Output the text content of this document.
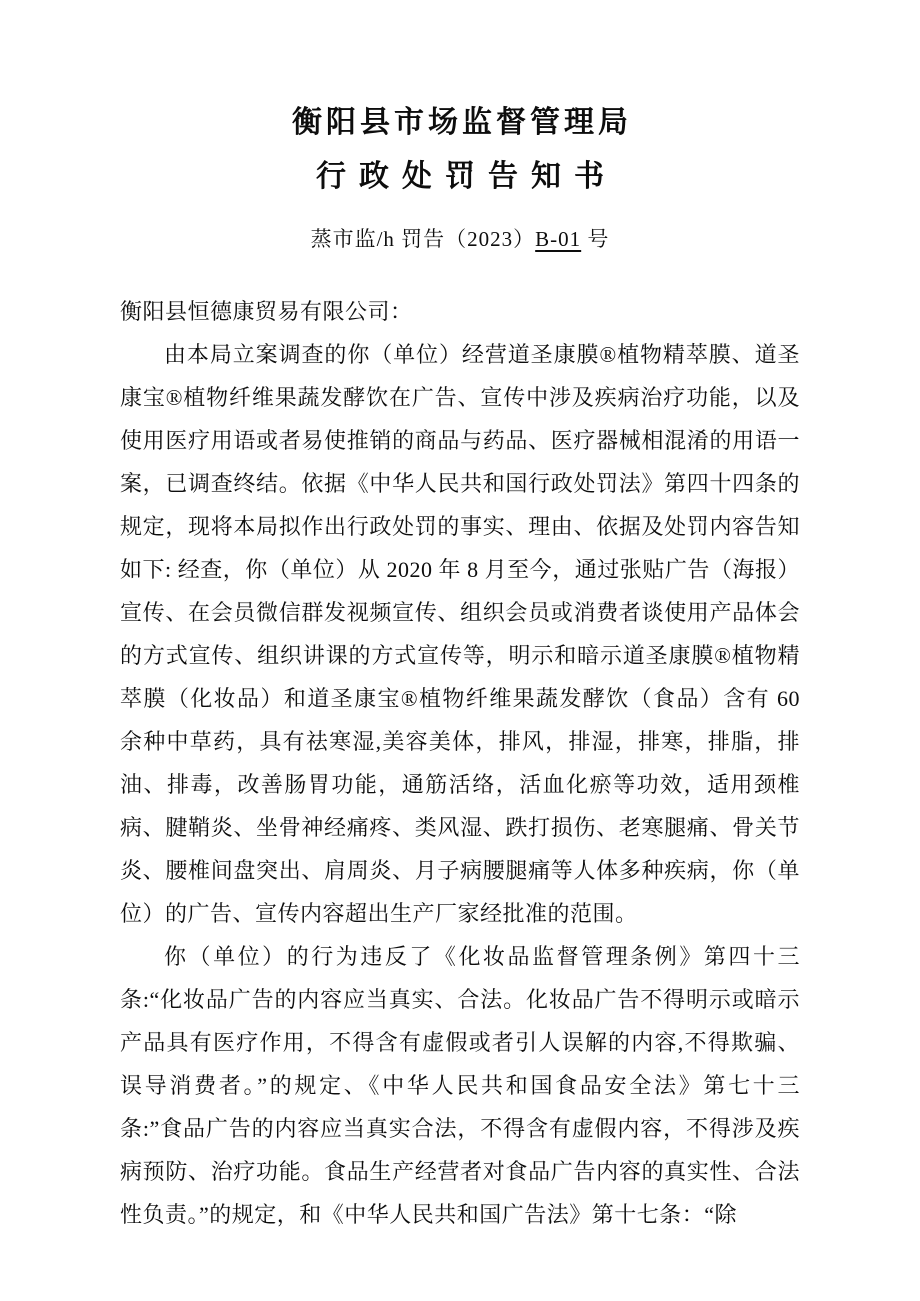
衡阳县市场监督管理局
行政处罚告知书
蒸市监/h 罚告（2023）B-01 号

衡阳县恒德康贸易有限公司：

由本局立案调查的你（单位）经营道圣康膜®植物精萃膜、道圣康宝®植物纤维果蔬发酵饮在广告、宣传中涉及疾病治疗功能，以及使用医疗用语或者易使推销的商品与药品、医疗器械相混淆的用语一案，已调查终结。依据《中华人民共和国行政处罚法》第四十四条的规定，现将本局拟作出行政处罚的事实、理由、依据及处罚内容告知如下: 经查，你（单位）从 2020 年 8 月至今，通过张贴广告（海报）宣传、在会员微信群发视频宣传、组织会员或消费者谈使用产品体会的方式宣传、组织讲课的方式宣传等，明示和暗示道圣康膜®植物精萃膜（化妆品）和道圣康宝®植物纤维果蔬发酵饮（食品）含有 60 余种中草药，具有祛寒湿,美容美体，排风，排湿，排寒，排脂，排油、排毒，改善肠胃功能，通筋活络，活血化瘀等功效，适用颈椎病、腱鞘炎、坐骨神经痛疼、类风湿、跌打损伤、老寒腿痛、骨关节炎、腰椎间盘突出、肩周炎、月子病腰腿痛等人体多种疾病，你（单位）的广告、宣传内容超出生产厂家经批准的范围。

你（单位）的行为违反了《化妆品监督管理条例》第四十三条:“化妆品广告的内容应当真实、合法。化妆品广告不得明示或暗示产品具有医疗作用，不得含有虚假或者引人误解的内容,不得欺骗、误导消费者。”的规定、《中华人民共和国食品安全法》第七十三条:”食品广告的内容应当真实合法，不得含有虚假内容，不得涉及疾病预防、治疗功能。食品生产经营者对食品广告内容的真实性、合法性负责。”的规定，和《中华人民共和国广告法》第十七条：“除
